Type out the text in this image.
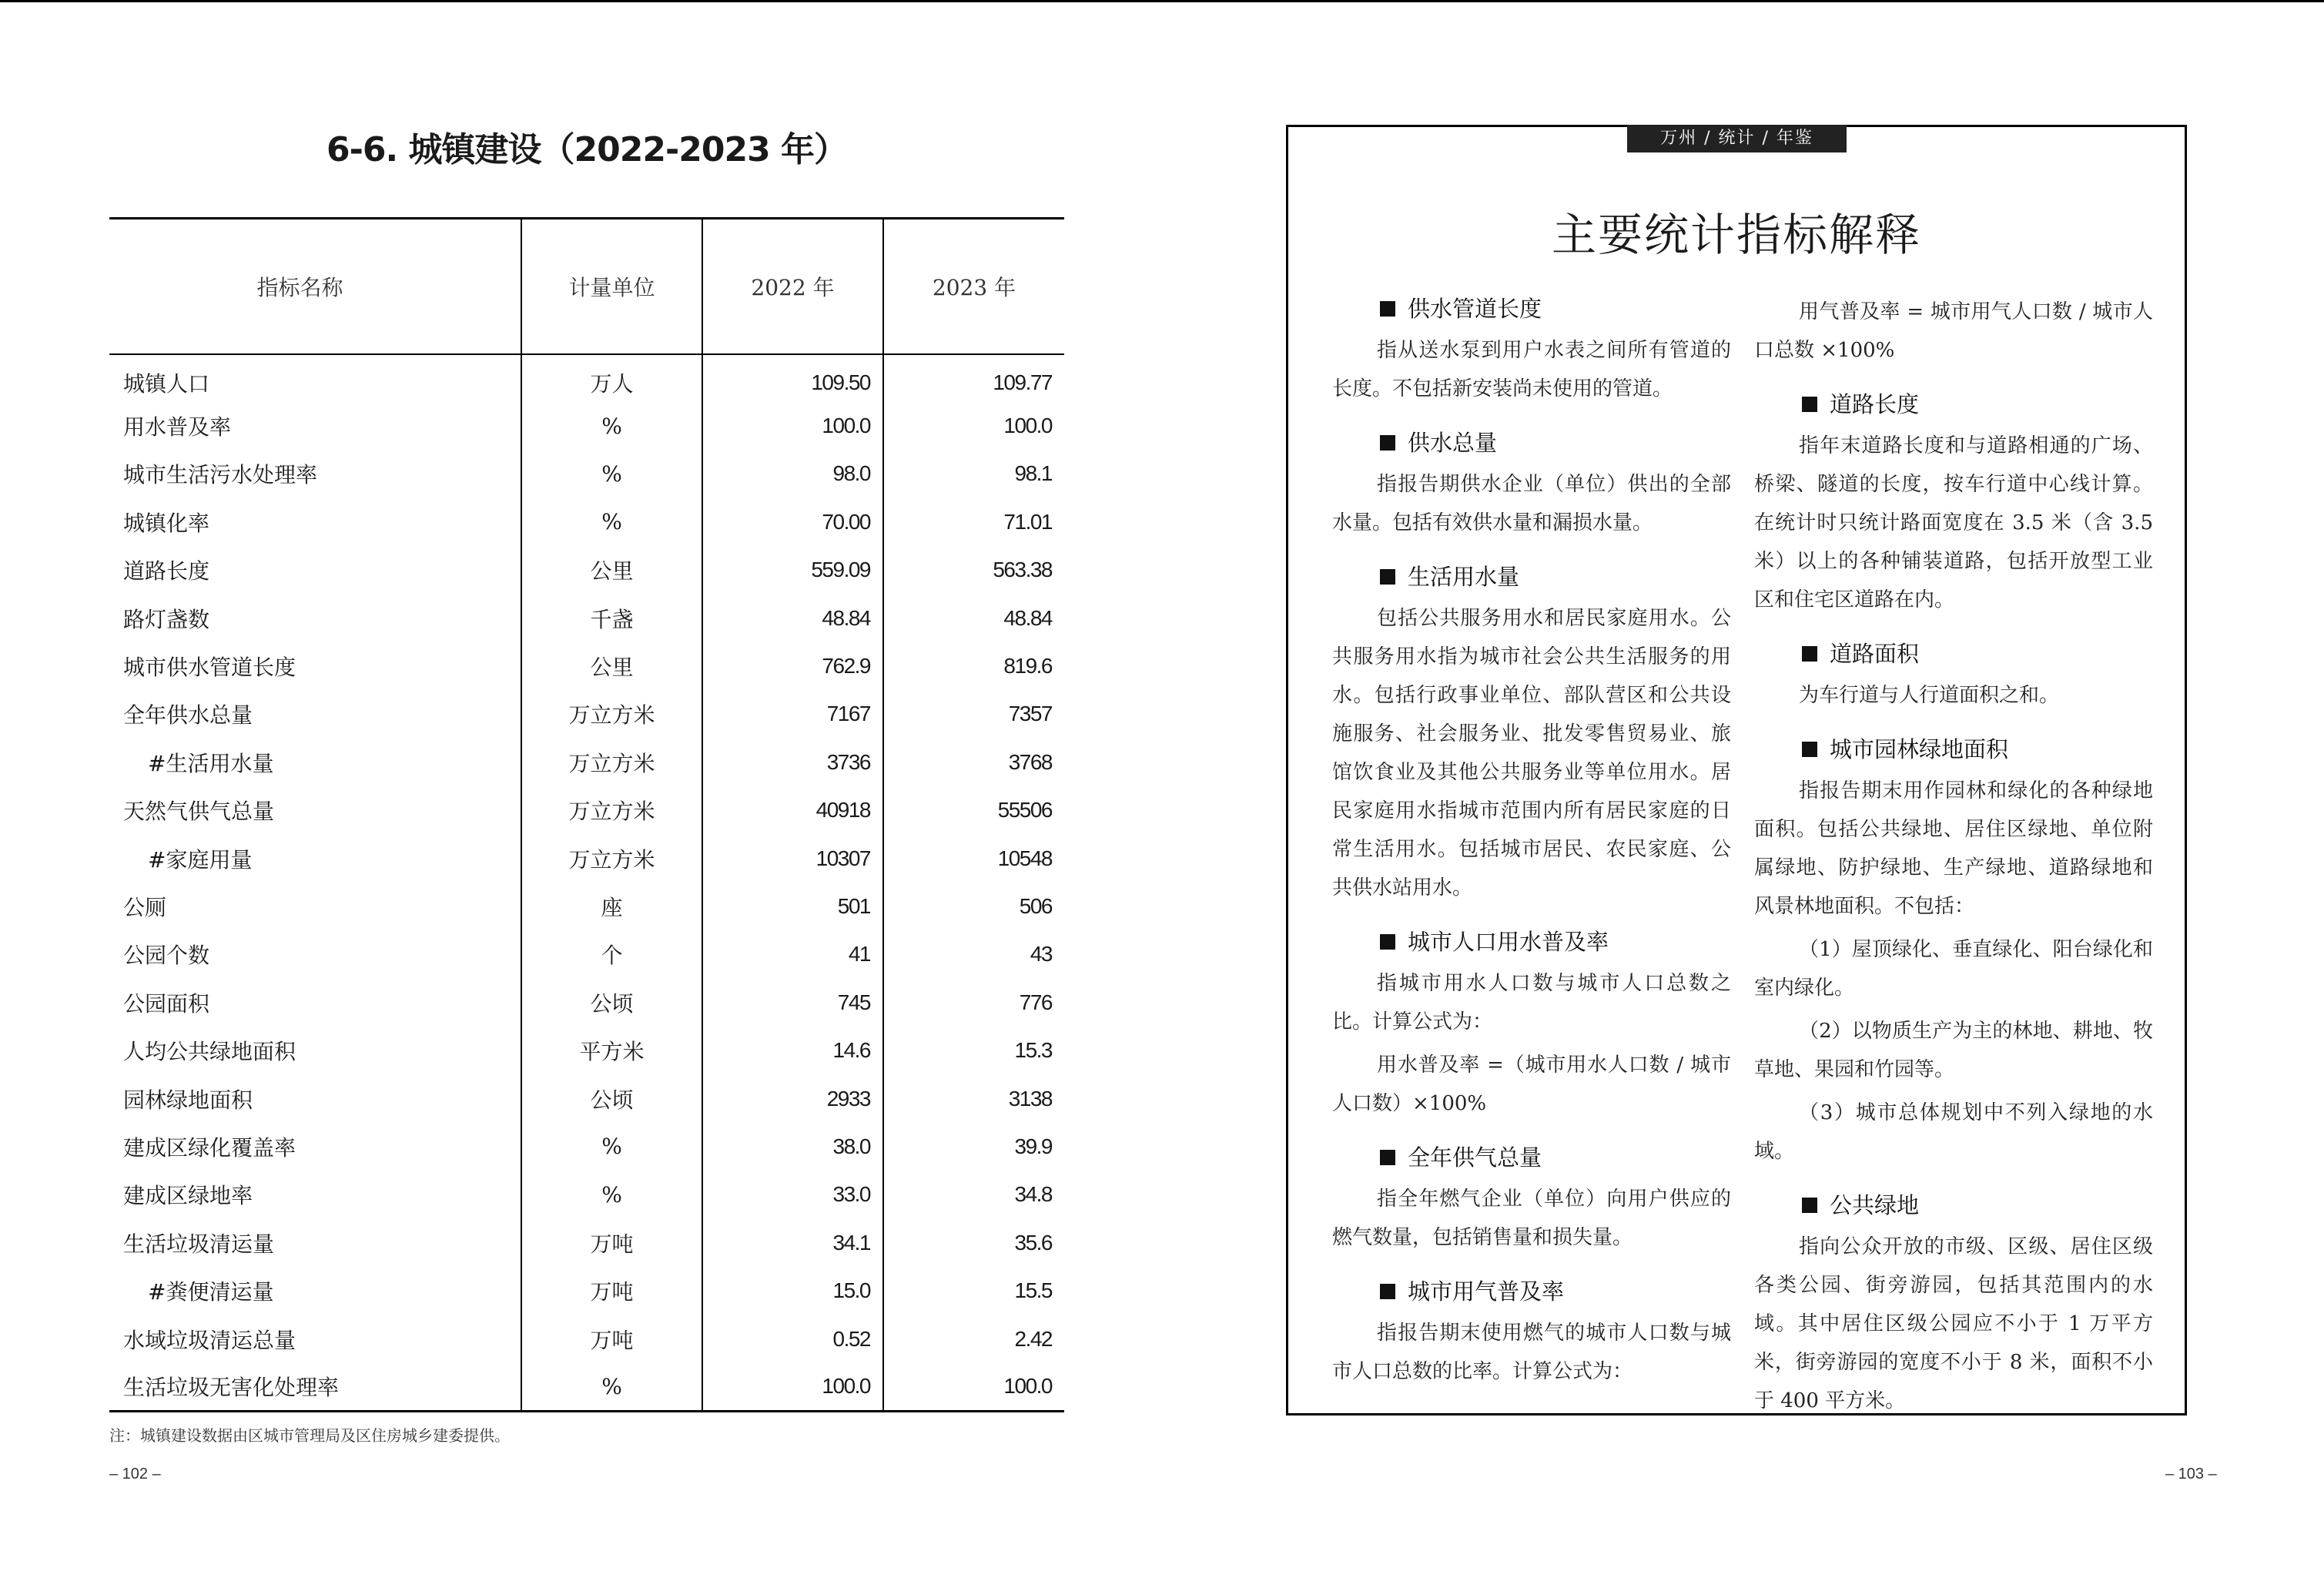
6-6. 城镇建设（2022-2023 年）
指标名称	计量单位	2022 年	2023 年
城镇人口	万人	109.50	109.77
用水普及率	%	100.0	100.0
城市生活污水处理率	%	98.0	98.1
城镇化率	%	70.00	71.01
道路长度	公里	559.09	563.38
路灯盏数	千盏	48.84	48.84
城市供水管道长度	公里	762.9	819.6
全年供水总量	万立方米	7167	7357
#生活用水量	万立方米	3736	3768
天然气供气总量	万立方米	40918	55506
#家庭用量	万立方米	10307	10548
公厕	座	501	506
公园个数	个	41	43
公园面积	公顷	745	776
人均公共绿地面积	平方米	14.6	15.3
园林绿地面积	公顷	2933	3138
建成区绿化覆盖率	%	38.0	39.9
建成区绿地率	%	33.0	34.8
生活垃圾清运量	万吨	34.1	35.6
#粪便清运量	万吨	15.0	15.5
水域垃圾清运总量	万吨	0.52	2.42
生活垃圾无害化处理率	%	100.0	100.0
注：城镇建设数据由区城市管理局及区住房城乡建委提供。
– 102 –
万州 / 统计 / 年鉴
主要统计指标解释
供水管道长度

指从送水泵到用户水表之间所有管道的长度。不包括新安装尚未使用的管道。

供水总量

指报告期供水企业（单位）供出的全部水量。包括有效供水量和漏损水量。

生活用水量

包括公共服务用水和居民家庭用水。公共服务用水指为城市社会公共生活服务的用水。包括行政事业单位、部队营区和公共设施服务、社会服务业、批发零售贸易业、旅馆饮食业及其他公共服务业等单位用水。居民家庭用水指城市范围内所有居民家庭的日常生活用水。包括城市居民、农民家庭、公共供水站用水。

城市人口用水普及率

指城市用水人口数与城市人口总数之比。计算公式为：

用水普及率 =（城市用水人口数 / 城市人口数）×100%

全年供气总量

指全年燃气企业（单位）向用户供应的燃气数量，包括销售量和损失量。

城市用气普及率

指报告期末使用燃气的城市人口数与城市人口总数的比率。计算公式为：

用气普及率 = 城市用气人口数 / 城市人口总数 ×100%

道路长度

指年末道路长度和与道路相通的广场、桥梁、隧道的长度，按车行道中心线计算。在统计时只统计路面宽度在 3.5 米（含 3.5 米）以上的各种铺装道路，包括开放型工业区和住宅区道路在内。

道路面积

为车行道与人行道面积之和。

城市园林绿地面积

指报告期末用作园林和绿化的各种绿地面积。包括公共绿地、居住区绿地、单位附属绿地、防护绿地、生产绿地、道路绿地和风景林地面积。不包括：

（1）屋顶绿化、垂直绿化、阳台绿化和室内绿化。

（2）以物质生产为主的林地、耕地、牧草地、果园和竹园等。

（3）城市总体规划中不列入绿地的水域。

公共绿地

指向公众开放的市级、区级、居住区级各类公园、街旁游园，包括其范围内的水域。其中居住区级公园应不小于 1 万平方米，街旁游园的宽度不小于 8 米，面积不小于 400 平方米。

– 103 –
